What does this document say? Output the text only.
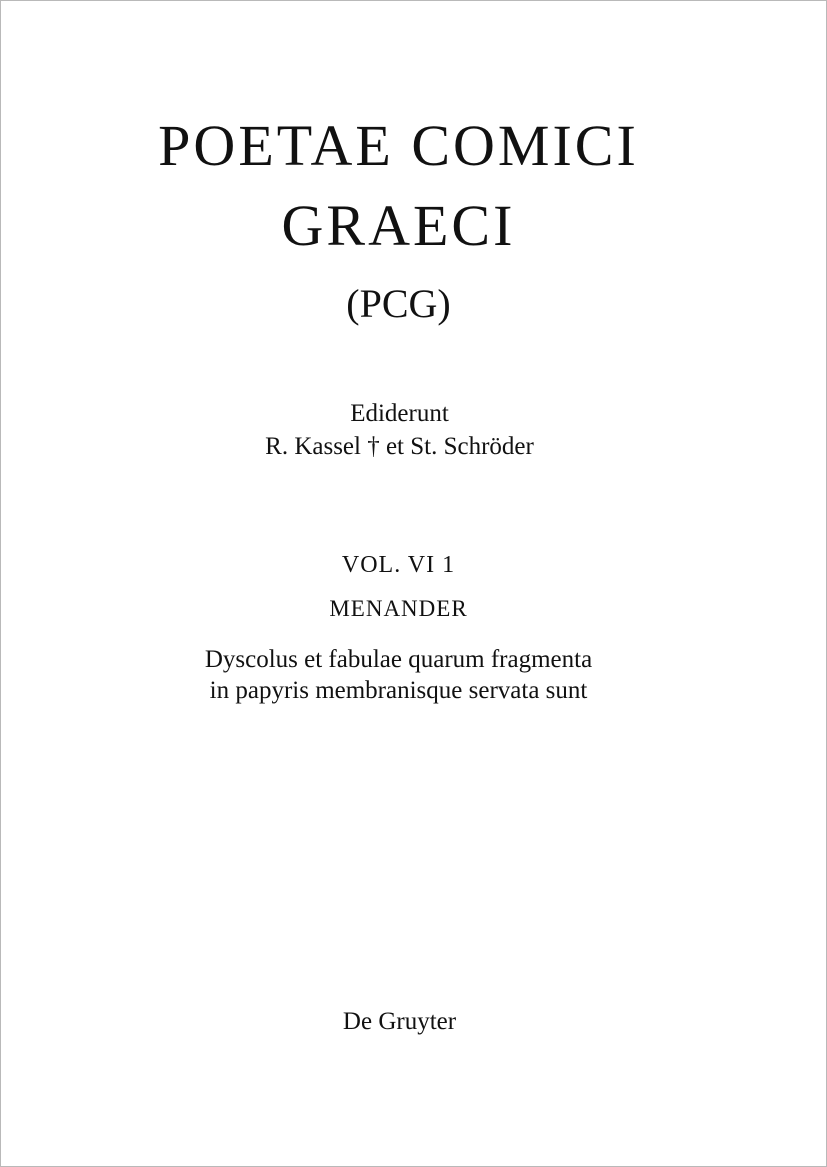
POETAE COMICI
GRAECI
(PCG)
Ediderunt
R. Kassel † et St. Schröder
VOL. VI 1
MENANDER
Dyscolus et fabulae quarum fragmenta
in papyris membranisque servata sunt
De Gruyter
